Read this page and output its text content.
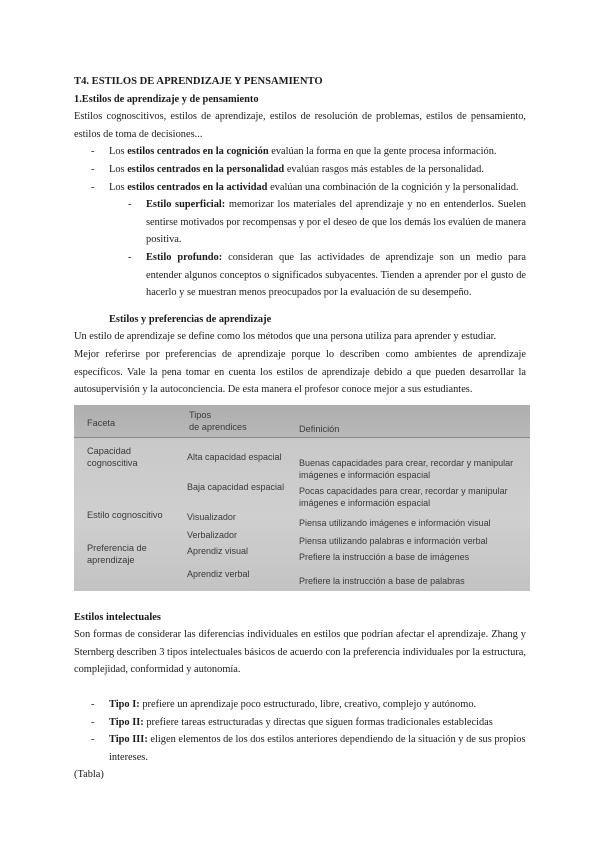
T4. ESTILOS DE APRENDIZAJE Y PENSAMIENTO

1.Estilos de aprendizaje y de pensamiento

Estilos cognoscitivos, estilos de aprendizaje, estilos de resolución de problemas, estilos de pensamiento, estilos de toma de decisiones...

- Los estilos centrados en la cognición evalúan la forma en que la gente procesa información.
- Los estilos centrados en la personalidad evalúan rasgos más estables de la personalidad.
- Los estilos centrados en la actividad evalúan una combinación de la cognición y la personalidad.
- Estilo superficial: memorizar los materiales del aprendizaje y no en entenderlos. Suelen sentirse motivados por recompensas y por el deseo de que los demás los evalúen de manera positiva.
- Estilo profundo: consideran que las actividades de aprendizaje son un medio para entender algunos conceptos o significados subyacentes. Tienden a aprender por el gusto de hacerlo y se muestran menos preocupados por la evaluación de su desempeño.

Estilos y preferencias de aprendizaje

Un estilo de aprendizaje se define como los métodos que una persona utiliza para aprender y estudiar.

Mejor referirse por preferencias de aprendizaje porque lo describen como ambientes de aprendizaje específicos. Vale la pena tomar en cuenta los estilos de aprendizaje debido a que pueden desarrollar la autosupervisión y la autoconciencia. De esta manera el profesor conoce mejor a sus estudiantes.

Faceta
Tipos
de aprendices	Definición
Capacidad
cognoscitiva
Alta capacidad espacial
Buenas capacidades para crear, recordar y manipular
imágenes e información espacial
Baja capacidad espacial Pocas capacidades para crear, recordar y manipular
imágenes e información espacial
Estilo cognoscitivo	Visualizador
Piensa utilizando imágenes e información visual
Verbalizador
Piensa utilizando palabras e información verbal
Preferencia de
aprendizaje
Aprendiz visual
Prefiere la instrucción a base de imágenes
Aprendiz verbal
Prefiere la instrucción a base de palabras

Estilos intelectuales

Son formas de considerar las diferencias individuales en estilos que podrían afectar el aprendizaje. Zhang y Sternberg describen 3 tipos intelectuales básicos de acuerdo con la preferencia individuales por la estructura, complejidad, conformidad y autonomía.

- Tipo I: prefiere un aprendizaje poco estructurado, libre, creativo, complejo y autónomo.
- Tipo II: prefiere tareas estructuradas y directas que siguen formas tradicionales establecidas
- Tipo III: eligen elementos de los dos estilos anteriores dependiendo de la situación y de sus propios intereses.

(Tabla)
